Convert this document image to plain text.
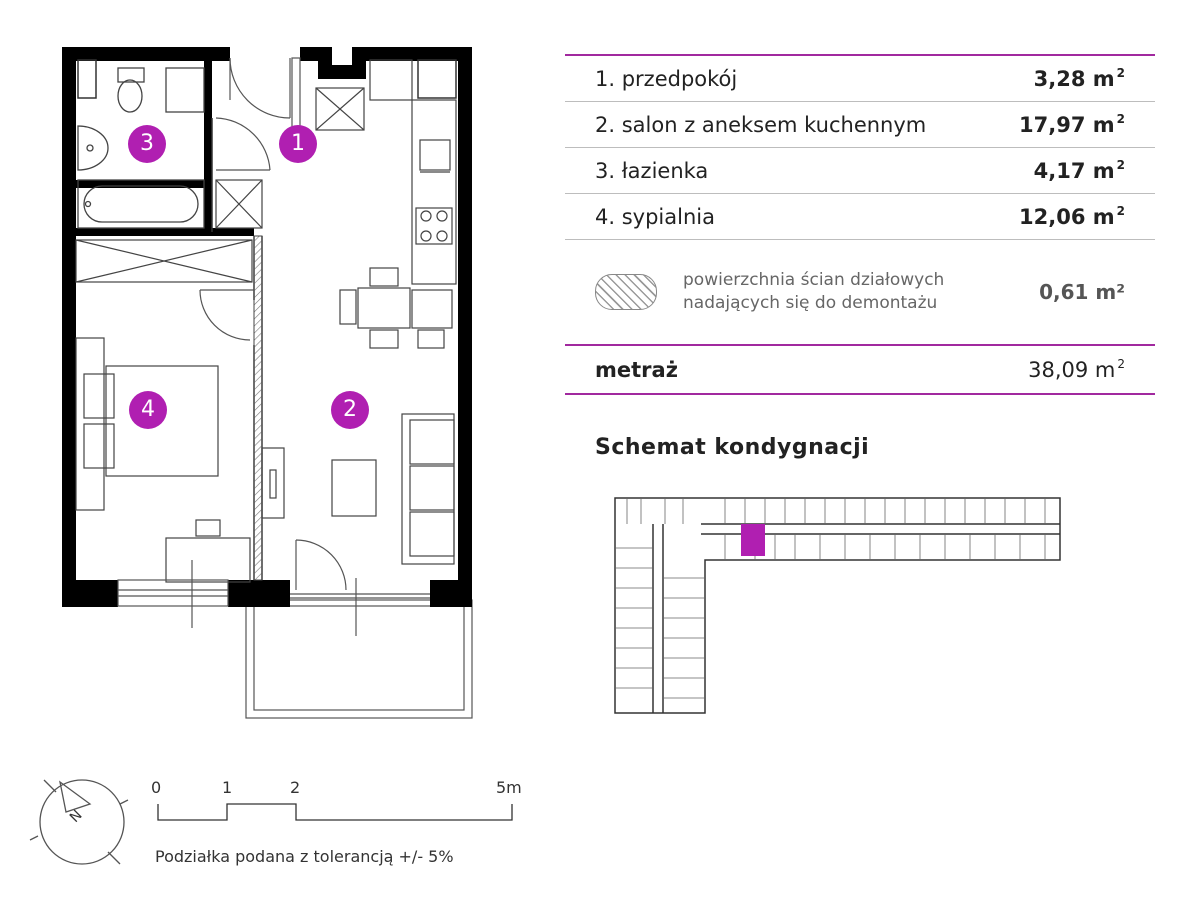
1
2
3
4
1. przedpokój	3,28 m $^2$
2. salon z aneksem kuchennym	17,97 m $^2$
3. łazienka	4,17 m $^2$
4. sypialnia	12,06 m $^2$
powierzchnia ścian działowych
nadających się do demontażu	0,61 m²
metraż	38,09 m $^2$
Schemat kondygnacji
N
0	1	2	5m
Podziałka podana z tolerancją +/- 5%
